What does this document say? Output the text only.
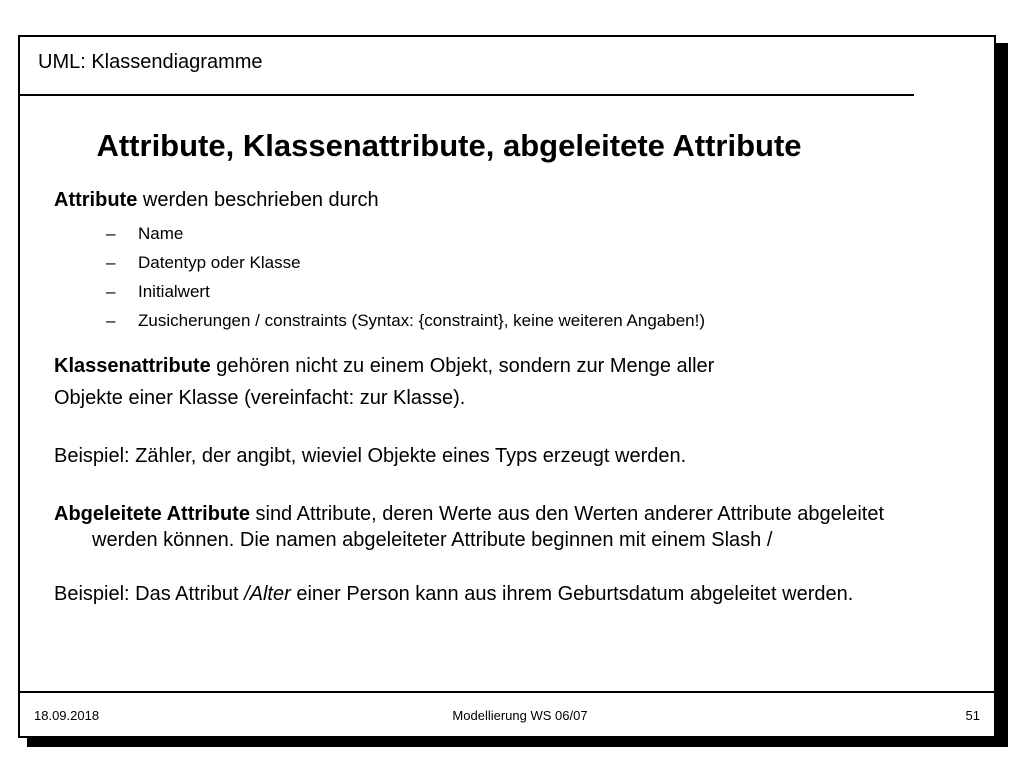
UML: Klassendiagramme
Attribute, Klassenattribute, abgeleitete Attribute

Attribute werden beschrieben durch

– Name
– Datentyp oder Klasse
– Initialwert
– Zusicherungen / constraints (Syntax: {constraint}, keine weiteren Angaben!)

Klassenattribute gehören nicht zu einem Objekt, sondern zur Menge aller

Objekte einer Klasse (vereinfacht: zur Klasse).

Beispiel: Zähler, der angibt, wieviel Objekte eines Typs erzeugt werden.

Abgeleitete Attribute sind Attribute, deren Werte aus den Werten anderer Attribute abgeleitet werden können. Die namen abgeleiteter Attribute beginnen mit einem Slash /

Beispiel: Das Attribut /Alter einer Person kann aus ihrem Geburtsdatum abgeleitet werden.

18.09.2018	Modellierung WS 06/07	51
